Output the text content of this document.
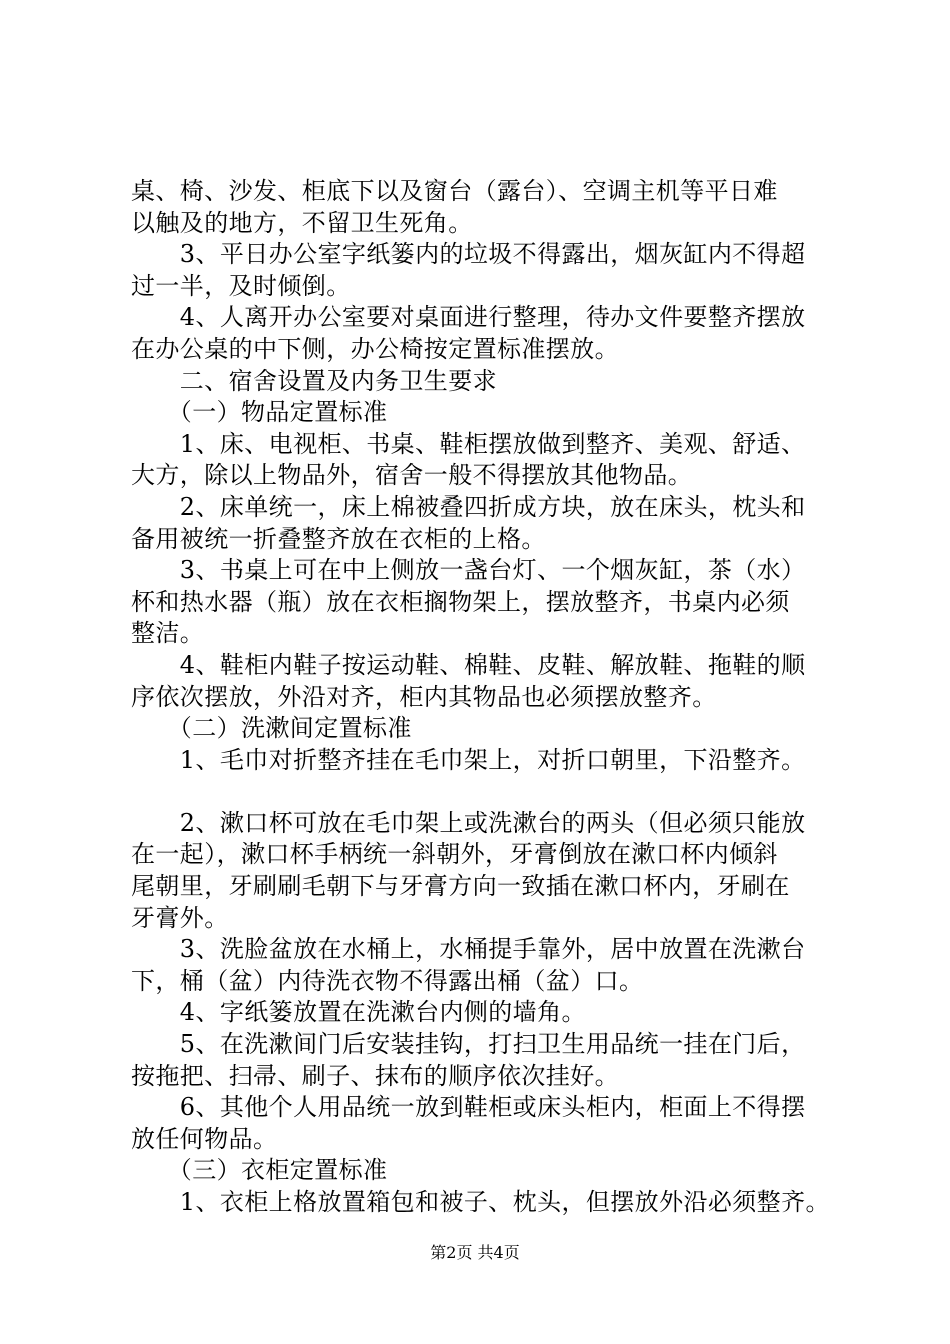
桌、椅、沙发、柜底下以及窗台（露台）、空调主机等平日难
以触及的地方，不留卫生死角。
　　3、平日办公室字纸篓内的垃圾不得露出，烟灰缸内不得超
过一半，及时倾倒。
　　4、人离开办公室要对桌面进行整理，待办文件要整齐摆放
在办公桌的中下侧，办公椅按定置标准摆放。
　　二、宿舍设置及内务卫生要求
　　（一）物品定置标准
　　1、床、电视柜、书桌、鞋柜摆放做到整齐、美观、舒适、
大方，除以上物品外，宿舍一般不得摆放其他物品。
　　2、床单统一，床上棉被叠四折成方块，放在床头，枕头和
备用被统一折叠整齐放在衣柜的上格。
　　3、书桌上可在中上侧放一盏台灯、一个烟灰缸，茶（水）
杯和热水器（瓶）放在衣柜搁物架上，摆放整齐，书桌内必须
整洁。
　　4、鞋柜内鞋子按运动鞋、棉鞋、皮鞋、解放鞋、拖鞋的顺
序依次摆放，外沿对齐，柜内其物品也必须摆放整齐。
　　（二）洗漱间定置标准
　　1、毛巾对折整齐挂在毛巾架上，对折口朝里，下沿整齐。
　　2、漱口杯可放在毛巾架上或洗漱台的两头（但必须只能放
在一起），漱口杯手柄统一斜朝外，牙膏倒放在漱口杯内倾斜
尾朝里，牙刷刷毛朝下与牙膏方向一致插在漱口杯内，牙刷在
牙膏外。
　　3、洗脸盆放在水桶上，水桶提手靠外，居中放置在洗漱台
下，桶（盆）内待洗衣物不得露出桶（盆）口。
　　4、字纸篓放置在洗漱台内侧的墙角。
　　5、在洗漱间门后安装挂钩，打扫卫生用品统一挂在门后，
按拖把、扫帚、刷子、抹布的顺序依次挂好。
　　6、其他个人用品统一放到鞋柜或床头柜内，柜面上不得摆
放任何物品。
　　（三）衣柜定置标准
　　1、衣柜上格放置箱包和被子、枕头，但摆放外沿必须整齐。
第2页 共4页
